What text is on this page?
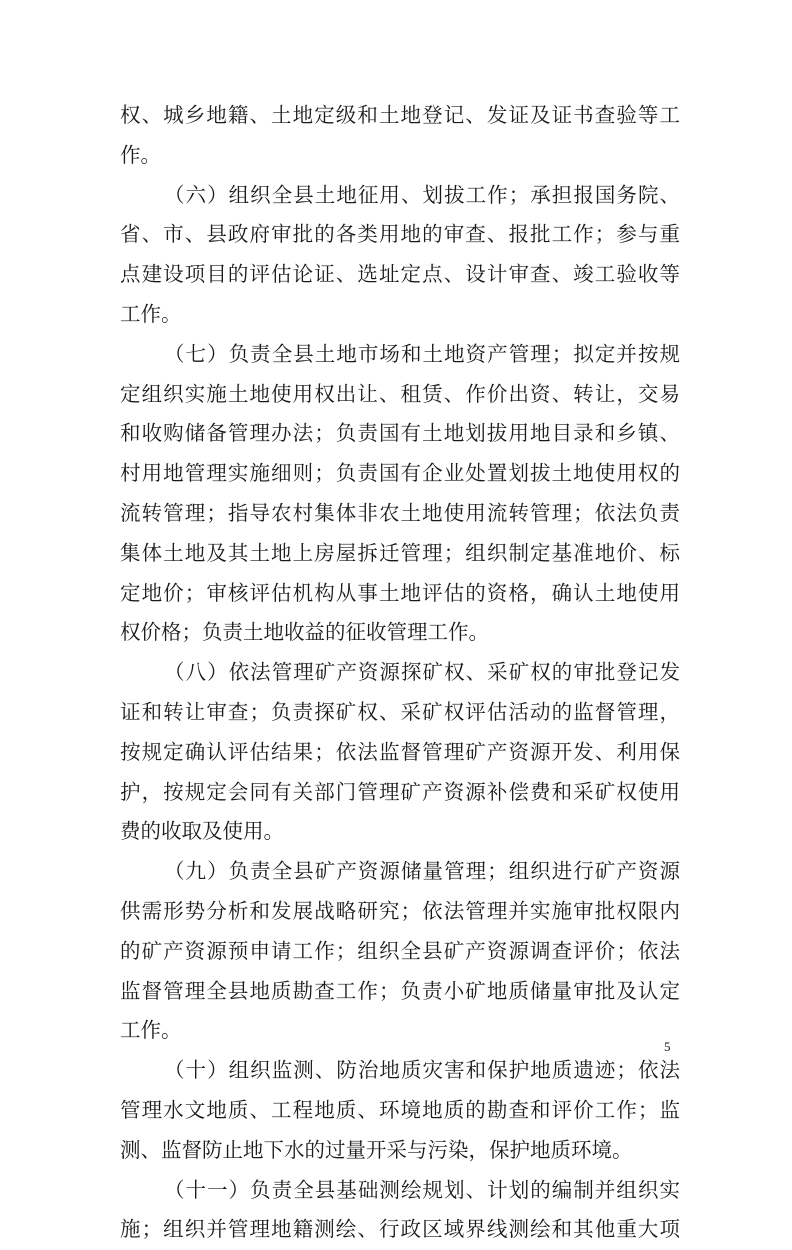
权、城乡地籍、土地定级和土地登记、发证及证书查验等工
作。
（六）组织全县土地征用、划拔工作；承担报国务院、
省、市、县政府审批的各类用地的审查、报批工作；参与重
点建设项目的评估论证、选址定点、设计审查、竣工验收等
工作。
（七）负责全县土地市场和土地资产管理；拟定并按规
定组织实施土地使用权出让、租赁、作价出资、转让，交易
和收购储备管理办法；负责国有土地划拔用地目录和乡镇、
村用地管理实施细则；负责国有企业处置划拔土地使用权的
流转管理；指导农村集体非农土地使用流转管理；依法负责
集体土地及其土地上房屋拆迁管理；组织制定基准地价、标
定地价；审核评估机构从事土地评估的资格，确认土地使用
权价格；负责土地收益的征收管理工作。
（八）依法管理矿产资源探矿权、采矿权的审批登记发
证和转让审查；负责探矿权、采矿权评估活动的监督管理，
按规定确认评估结果；依法监督管理矿产资源开发、利用保
护，按规定会同有关部门管理矿产资源补偿费和采矿权使用
费的收取及使用。
（九）负责全县矿产资源储量管理；组织进行矿产资源
供需形势分析和发展战略研究；依法管理并实施审批权限内
的矿产资源预申请工作；组织全县矿产资源调查评价；依法
监督管理全县地质勘查工作；负责小矿地质储量审批及认定
工作。
（十）组织监测、防治地质灾害和保护地质遗迹；依法
管理水文地质、工程地质、环境地质的勘查和评价工作；监
测、监督防止地下水的过量开采与污染，保护地质环境。
（十一）负责全县基础测绘规划、计划的编制并组织实
施；组织并管理地籍测绘、行政区域界线测绘和其他重大项
5
